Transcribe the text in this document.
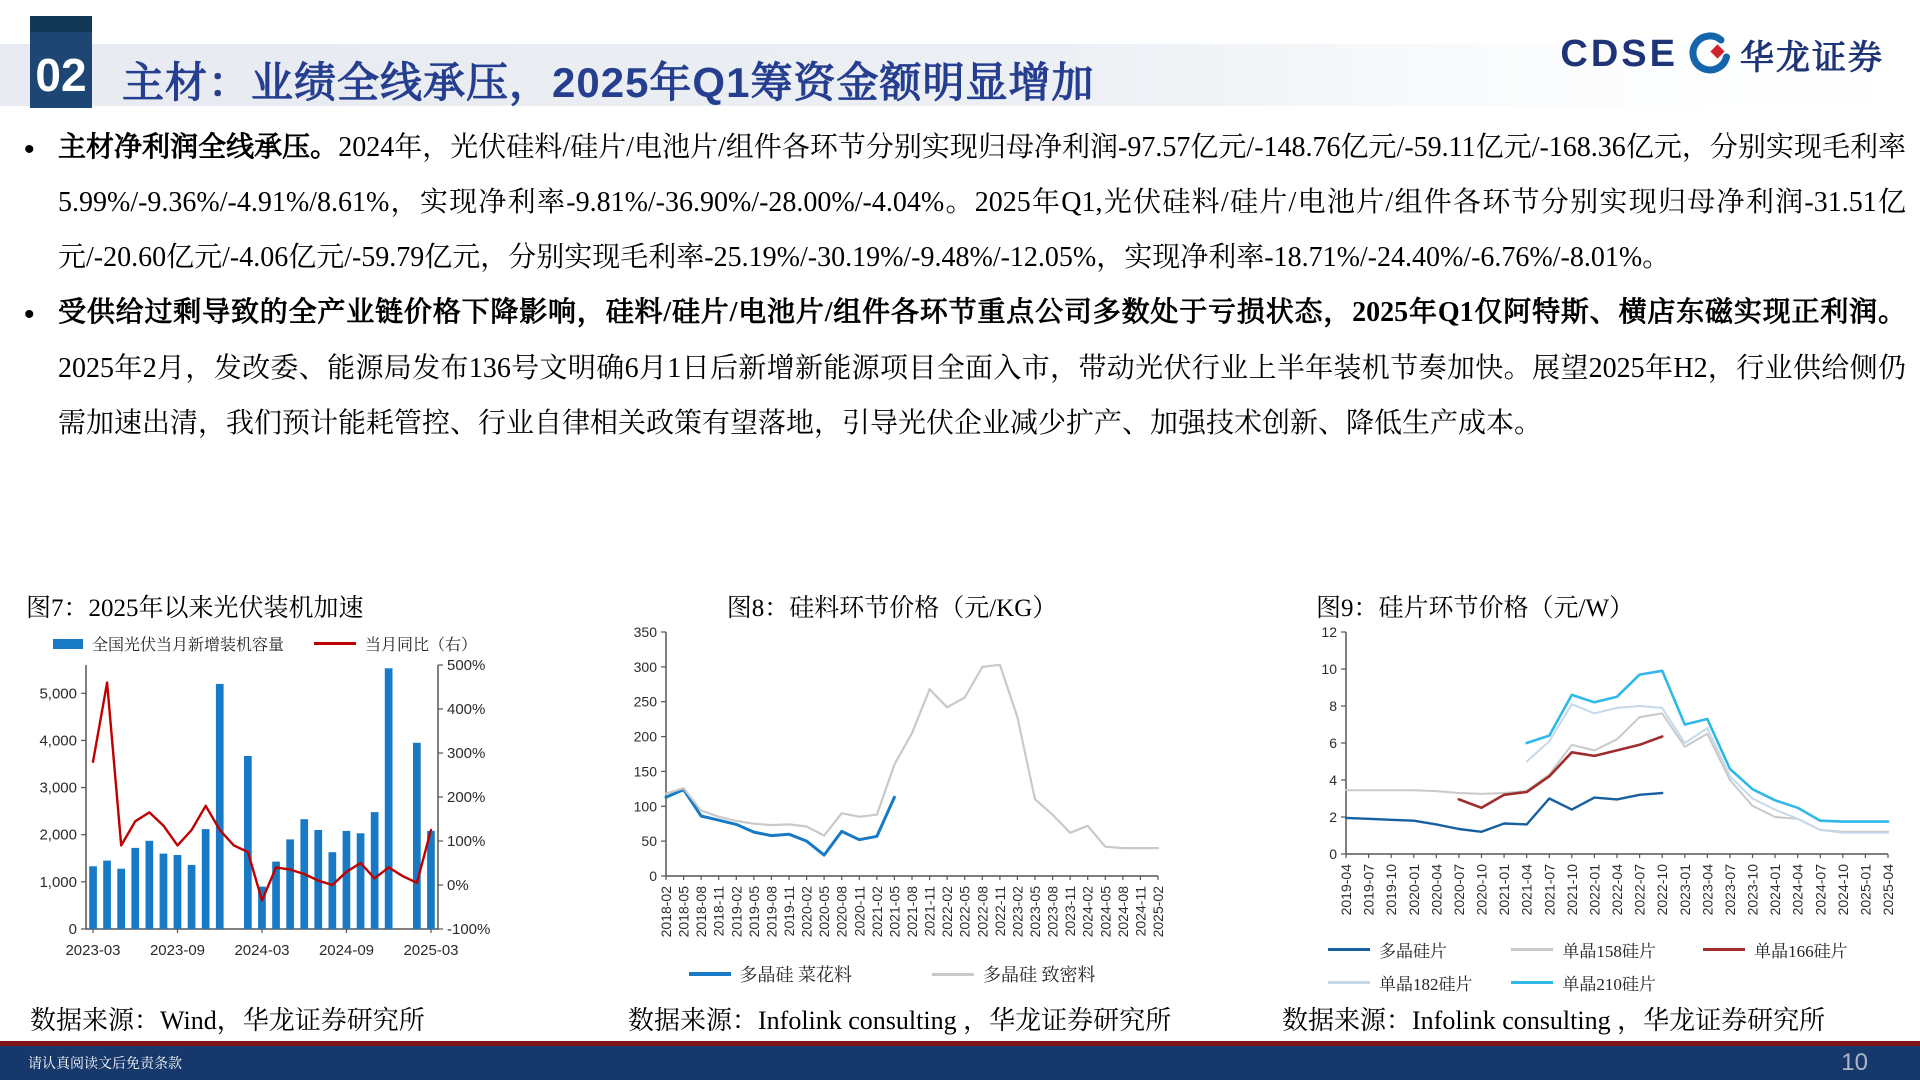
02 主材：业绩全线承压，2025年Q1筹资金额明显增加
CDSE 华龙证券
• 主材净利润全线承压。2024年，光伏硅料/硅片/电池片/组件各环节分别实现归母净利润-97.57亿元/-148.76亿元/-59.11亿元/-168.36亿元，分别实现毛利率5.99%/-9.36%/-4.91%/8.61%，实现净利率-9.81%/-36.90%/-28.00%/-4.04%。2025年Q1,光伏硅料/硅片/电池片/组件各环节分别实现归母净利润-31.51亿元/-20.60亿元/-4.06亿元/-59.79亿元，分别实现毛利率-25.19%/-30.19%/-9.48%/-12.05%，实现净利率-18.71%/-24.40%/-6.76%/-8.01%。
• 受供给过剩导致的全产业链价格下降影响，硅料/硅片/电池片/组件各环节重点公司多数处于亏损状态，2025年Q1仅阿特斯、横店东磁实现正利润。2025年2月，发改委、能源局发布136号文明确6月1日后新增新能源项目全面入市，带动光伏行业上半年装机节奏加快。展望2025年H2，行业供给侧仍需加速出清，我们预计能耗管控、行业自律相关政策有望落地，引导光伏企业减少扩产、加强技术创新、降低生产成本。
图7：2025年以来光伏装机加速
全国光伏当月新增装机容量	当月同比（右）
0
1,000
2,000
3,000
4,000
5,000
-100%
0%
100%
200%
300%
400%
500%
2023-03 2023-09 2024-03 2024-09 2025-03
图8：硅料环节价格（元/KG）
0
50
100
150
200
250
300
350
2018-02 2018-05 2018-08 2018-11 2019-02 2019-05 2019-08 2019-11 2020-02 2020-05 2020-08 2020-11 2021-02 2021-05 2021-08 2021-11 2022-02 2022-05 2022-08 2022-11 2023-02 2023-05 2023-08 2023-11 2024-02 2024-05 2024-08 2024-11 2025-02
多晶硅 菜花料	多晶硅 致密料
图9：硅片环节价格（元/W）
0
2
4
6
8
10
12
2019-04 2019-07 2019-10 2020-01 2020-04 2020-07 2020-10 2021-01 2021-04 2021-07 2021-10 2022-01 2022-04 2022-07 2022-10 2023-01 2023-04 2023-07 2023-10 2024-01 2024-04 2024-07 2024-10 2025-01 2025-04
多晶硅片	单晶158硅片	单晶166硅片
单晶182硅片	单晶210硅片
数据来源：Wind，华龙证券研究所	数据来源：Infolink consulting ，华龙证券研究所	数据来源：Infolink consulting ，华龙证券研究所
请认真阅读文后免责条款	10
